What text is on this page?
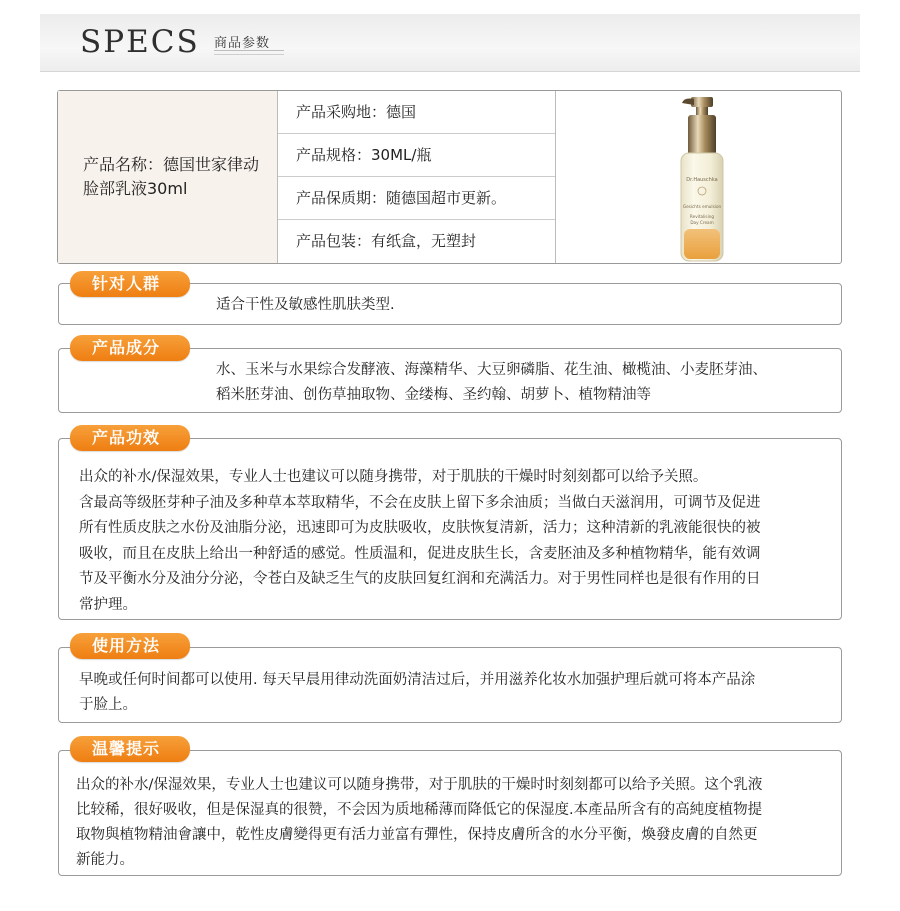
SPECS 商品参数
产品名称：德国世家律动脸部乳液30ml
产品采购地：德国
产品规格：30ML/瓶
产品保质期：随德国超市更新。
产品包装：有纸盒，无塑封
Dr.Hauschka
Gesichts emulsion
Revitalising
Day Cream
适合干性及敏感性肌肤类型.
针对人群

水、玉米与水果综合发酵液、海藻精华、大豆卵磷脂、花生油、橄榄油、小麦胚芽油、

稻米胚芽油、创伤草抽取物、金缕梅、圣约翰、胡萝卜、植物精油等

产品成分

出众的补水/保湿效果，专业人士也建议可以随身携带，对于肌肤的干燥时时刻刻都可以给予关照。

含最高等级胚芽种子油及多种草本萃取精华，不会在皮肤上留下多余油质；当做白天滋润用，可调节及促进

所有性质皮肤之水份及油脂分泌，迅速即可为皮肤吸收，皮肤恢复清新，活力；这种清新的乳液能很快的被

吸收，而且在皮肤上给出一种舒适的感觉。性质温和，促进皮肤生长，含麦胚油及多种植物精华，能有效调

节及平衡水分及油分分泌，令苍白及缺乏生气的皮肤回复红润和充满活力。对于男性同样也是很有作用的日

常护理。

产品功效

早晚或任何时间都可以使用. 每天早晨用律动洗面奶清洁过后，并用滋养化妆水加强护理后就可将本产品涂

于脸上。

使用方法

出众的补水/保湿效果，专业人士也建议可以随身携带，对于肌肤的干燥时时刻刻都可以给予关照。这个乳液

比较稀，很好吸收，但是保湿真的很赞，不会因为质地稀薄而降低它的保湿度.本產品所含有的高純度植物提

取物與植物精油會讓中，乾性皮膚變得更有活力並富有彈性，保持皮膚所含的水分平衡，煥發皮膚的自然更

新能力。

温馨提示
